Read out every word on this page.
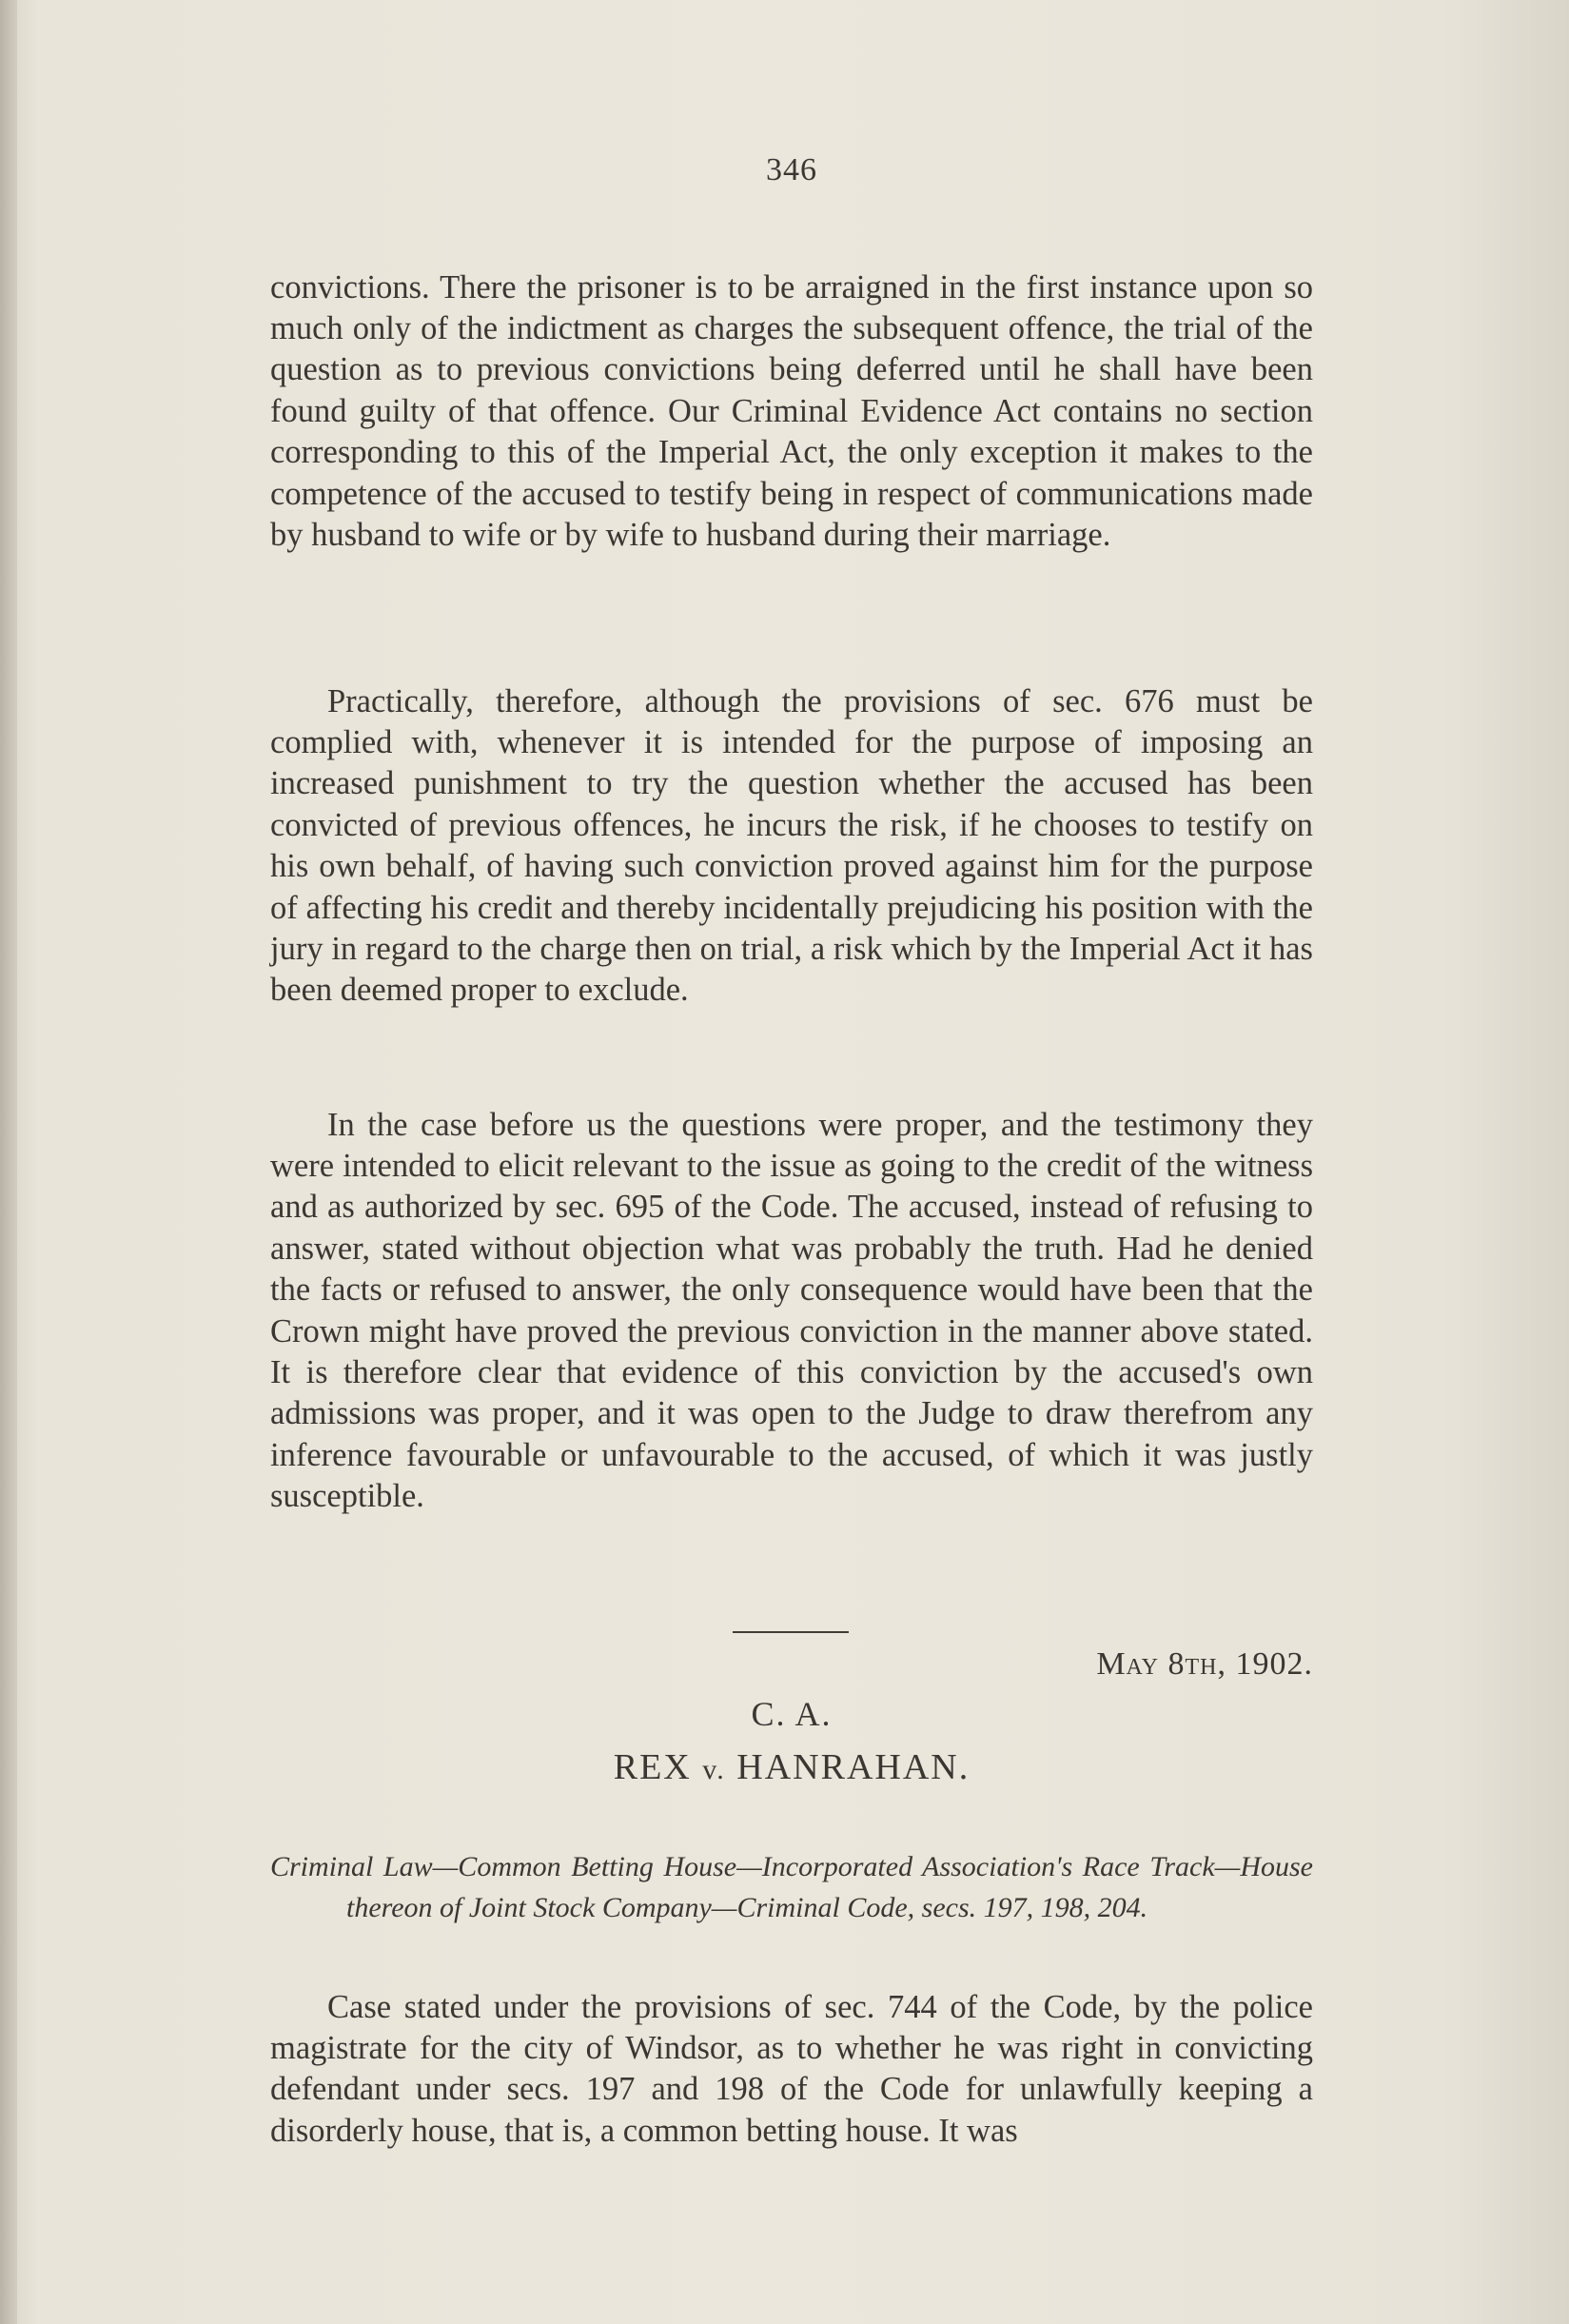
346

convictions. There the prisoner is to be arraigned in the first instance upon so much only of the indictment as charges the subsequent offence, the trial of the question as to previous convictions being deferred until he shall have been found guilty of that offence. Our Criminal Evidence Act contains no section corresponding to this of the Imperial Act, the only exception it makes to the competence of the accused to testify being in respect of communications made by husband to wife or by wife to husband during their marriage.

Practically, therefore, although the provisions of sec. 676 must be complied with, whenever it is intended for the purpose of imposing an increased punishment to try the question whether the accused has been convicted of previous offences, he incurs the risk, if he chooses to testify on his own behalf, of having such conviction proved against him for the purpose of affecting his credit and thereby incidentally prejudicing his position with the jury in regard to the charge then on trial, a risk which by the Imperial Act it has been deemed proper to exclude.

In the case before us the questions were proper, and the testimony they were intended to elicit relevant to the issue as going to the credit of the witness and as authorized by sec. 695 of the Code. The accused, instead of refusing to answer, stated without objection what was probably the truth. Had he denied the facts or refused to answer, the only consequence would have been that the Crown might have proved the previous conviction in the manner above stated. It is therefore clear that evidence of this conviction by the accused's own admissions was proper, and it was open to the Judge to draw therefrom any inference favourable or unfavourable to the accused, of which it was justly susceptible.

May 8th, 1902.
C. A.
REX v. HANRAHAN.

Criminal Law—Common Betting House—Incorporated Association's Race Track—House thereon of Joint Stock Company—Criminal Code, secs. 197, 198, 204.

Case stated under the provisions of sec. 744 of the Code, by the police magistrate for the city of Windsor, as to whether he was right in convicting defendant under secs. 197 and 198 of the Code for unlawfully keeping a disorderly house, that is, a common betting house. It was
